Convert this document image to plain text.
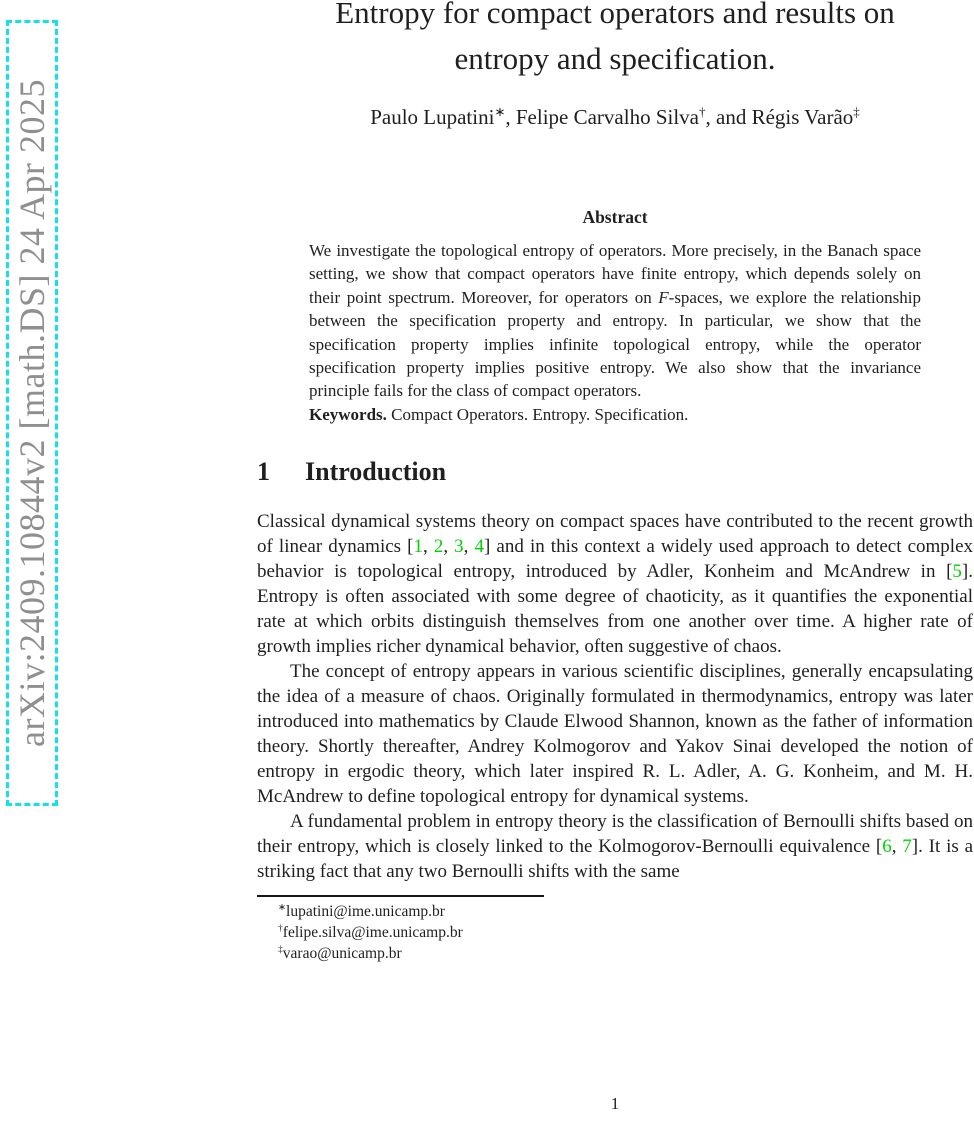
arXiv:2409.10844v2 [math.DS] 24 Apr 2025
Entropy for compact operators and results on
entropy and specification.
Paulo Lupatini∗, Felipe Carvalho Silva†, and Régis Varão‡
Abstract

We investigate the topological entropy of operators. More precisely, in the Banach space setting, we show that compact operators have finite entropy, which depends solely on their point spectrum. Moreover, for operators on F-spaces, we explore the relationship between the specification property and entropy. In particular, we show that the specification property implies infinite topological entropy, while the operator specification property implies positive entropy. We also show that the invariance principle fails for the class of compact operators.

Keywords. Compact Operators. Entropy. Specification.

1 Introduction

Classical dynamical systems theory on compact spaces have contributed to the recent growth of linear dynamics [1, 2, 3, 4] and in this context a widely used approach to detect complex behavior is topological entropy, introduced by Adler, Konheim and McAndrew in [5]. Entropy is often associated with some degree of chaoticity, as it quantifies the exponential rate at which orbits distinguish themselves from one another over time. A higher rate of growth implies richer dynamical behavior, often suggestive of chaos.

The concept of entropy appears in various scientific disciplines, generally encapsulating the idea of a measure of chaos. Originally formulated in thermodynamics, entropy was later introduced into mathematics by Claude Elwood Shannon, known as the father of information theory. Shortly thereafter, Andrey Kolmogorov and Yakov Sinai developed the notion of entropy in ergodic theory, which later inspired R. L. Adler, A. G. Konheim, and M. H. McAndrew to define topological entropy for dynamical systems.

A fundamental problem in entropy theory is the classification of Bernoulli shifts based on their entropy, which is closely linked to the Kolmogorov-Bernoulli equivalence [6, 7]. It is a striking fact that any two Bernoulli shifts with the same

∗lupatini@ime.unicamp.br
†felipe.silva@ime.unicamp.br
‡varao@unicamp.br
1
